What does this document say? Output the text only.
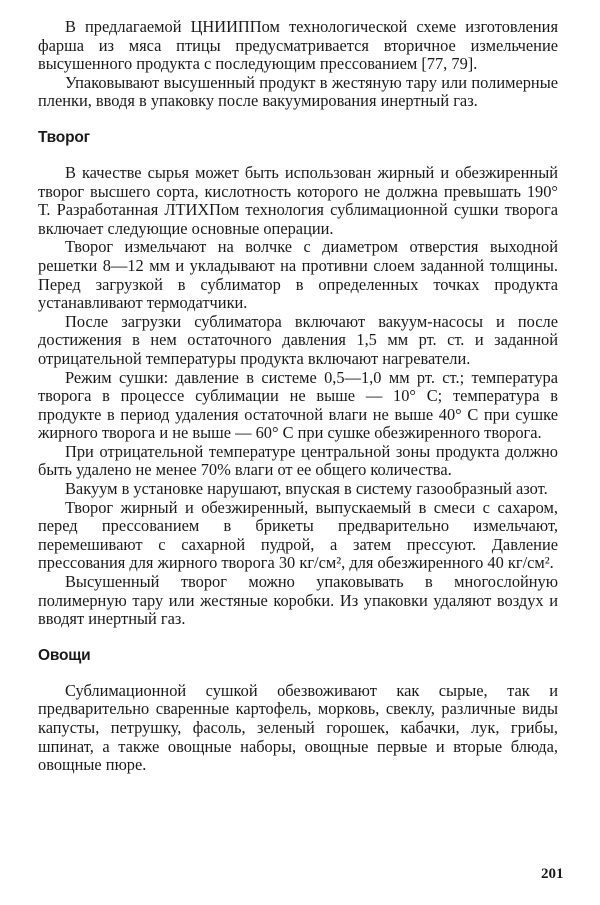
В предлагаемой ЦНИИППом технологической схеме изготовления фарша из мяса птицы предусматривается вторичное измельчение высушенного продукта с последующим прессованием [77, 79].

Упаковывают высушенный продукт в жестяную тару или полимерные пленки, вводя в упаковку после вакуумирования инертный газ.

Творог

В качестве сырья может быть использован жирный и обезжиренный творог высшего сорта, кислотность которого не должна превышать 190° Т. Разработанная ЛТИХПом технология сублимационной сушки творога включает следующие основные операции.

Творог измельчают на волчке с диаметром отверстия выходной решетки 8—12 мм и укладывают на противни слоем заданной толщины. Перед загрузкой в сублиматор в определенных точках продукта устанавливают термодатчики.

После загрузки сублиматора включают вакуум-насосы и после достижения в нем остаточного давления 1,5 мм рт. ст. и заданной отрицательной температуры продукта включают нагреватели.

Режим сушки: давление в системе 0,5—1,0 мм рт. ст.; температура творога в процессе сублимации не выше — 10° С; температура в продукте в период удаления остаточной влаги не выше 40° С при сушке жирного творога и не выше — 60° С при сушке обезжиренного творога.

При отрицательной температуре центральной зоны продукта должно быть удалено не менее 70% влаги от ее общего количества.

Вакуум в установке нарушают, впуская в систему газообразный азот.

Творог жирный и обезжиренный, выпускаемый в смеси с сахаром, перед прессованием в брикеты предварительно измельчают, перемешивают с сахарной пудрой, а затем прессуют. Давление прессования для жирного творога 30 кг/см², для обезжиренного 40 кг/см².

Высушенный творог можно упаковывать в многослойную полимерную тару или жестяные коробки. Из упаковки удаляют воздух и вводят инертный газ.

Овощи

Сублимационной сушкой обезвоживают как сырые, так и предварительно сваренные картофель, морковь, свеклу, различные виды капусты, петрушку, фасоль, зеленый горошек, кабачки, лук, грибы, шпинат, а также овощные наборы, овощные первые и вторые блюда, овощные пюре.

201
